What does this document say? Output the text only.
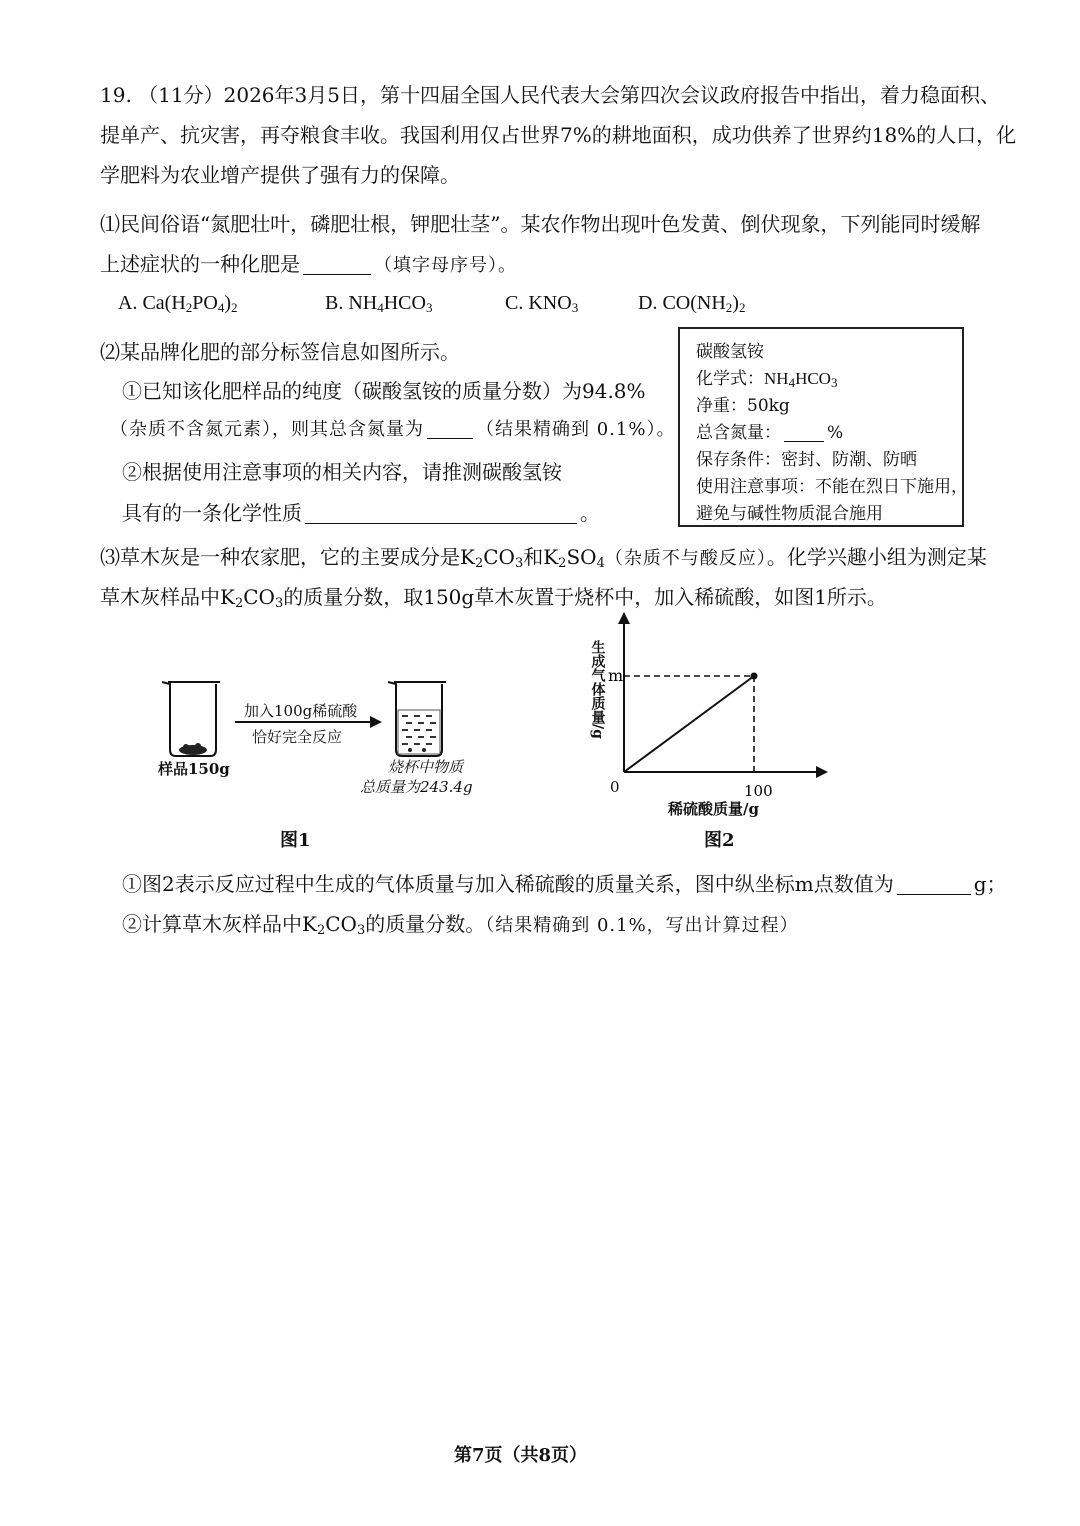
19. （11分）2026年3月5日，第十四届全国人民代表大会第四次会议政府报告中指出，着力稳面积、
提单产、抗灾害，再夺粮食丰收。我国利用仅占世界7%的耕地面积，成功供养了世界约18%的人口，化
学肥料为农业增产提供了强有力的保障。
⑴民间俗语“氮肥壮叶，磷肥壮根，钾肥壮茎”。某农作物出现叶色发黄、倒伏现象，下列能同时缓解
上述症状的一种化肥是	（填字母序号）。
A. $Ca(H_2PO_4)_2$	B. $NH_4HCO_3$	C. $KNO_3$	D. $CO(NH_2)_2$
⑵某品牌化肥的部分标签信息如图所示。
①已知该化肥样品的纯度（碳酸氢铵的质量分数）为94.8%
（杂质不含氮元素），则其总含氮量为	（结果精确到 0.1%）。
②根据使用注意事项的相关内容，请推测碳酸氢铵
具有的一条化学性质	。
碳酸氢铵
化学式：$NH_4HCO_3$
净重：50kg
总含氮量：	%
保存条件：密封、防潮、防晒
使用注意事项：不能在烈日下施用，
避免与碱性物质混合施用
⑶草木灰是一种农家肥，它的主要成分是$K_2CO_3$和$K_2SO_4$（杂质不与酸反应）。化学兴趣小组为测定某
草木灰样品中$K_2CO_3$的质量分数，取150g草木灰置于烧杯中，加入稀硫酸，如图1所示。
加入100g稀硫酸
恰好完全反应
样品150g	烧杯中物质
总质量为243.4g
图1
100
m
生成气体质量/g
0
稀硫酸质量/g
图2
①图2表示反应过程中生成的气体质量与加入稀硫酸的质量关系，图中纵坐标m点数值为	g；
②计算草木灰样品中$K_2CO_3$的质量分数。（结果精确到 0.1%，写出计算过程）
第7页（共8页）
